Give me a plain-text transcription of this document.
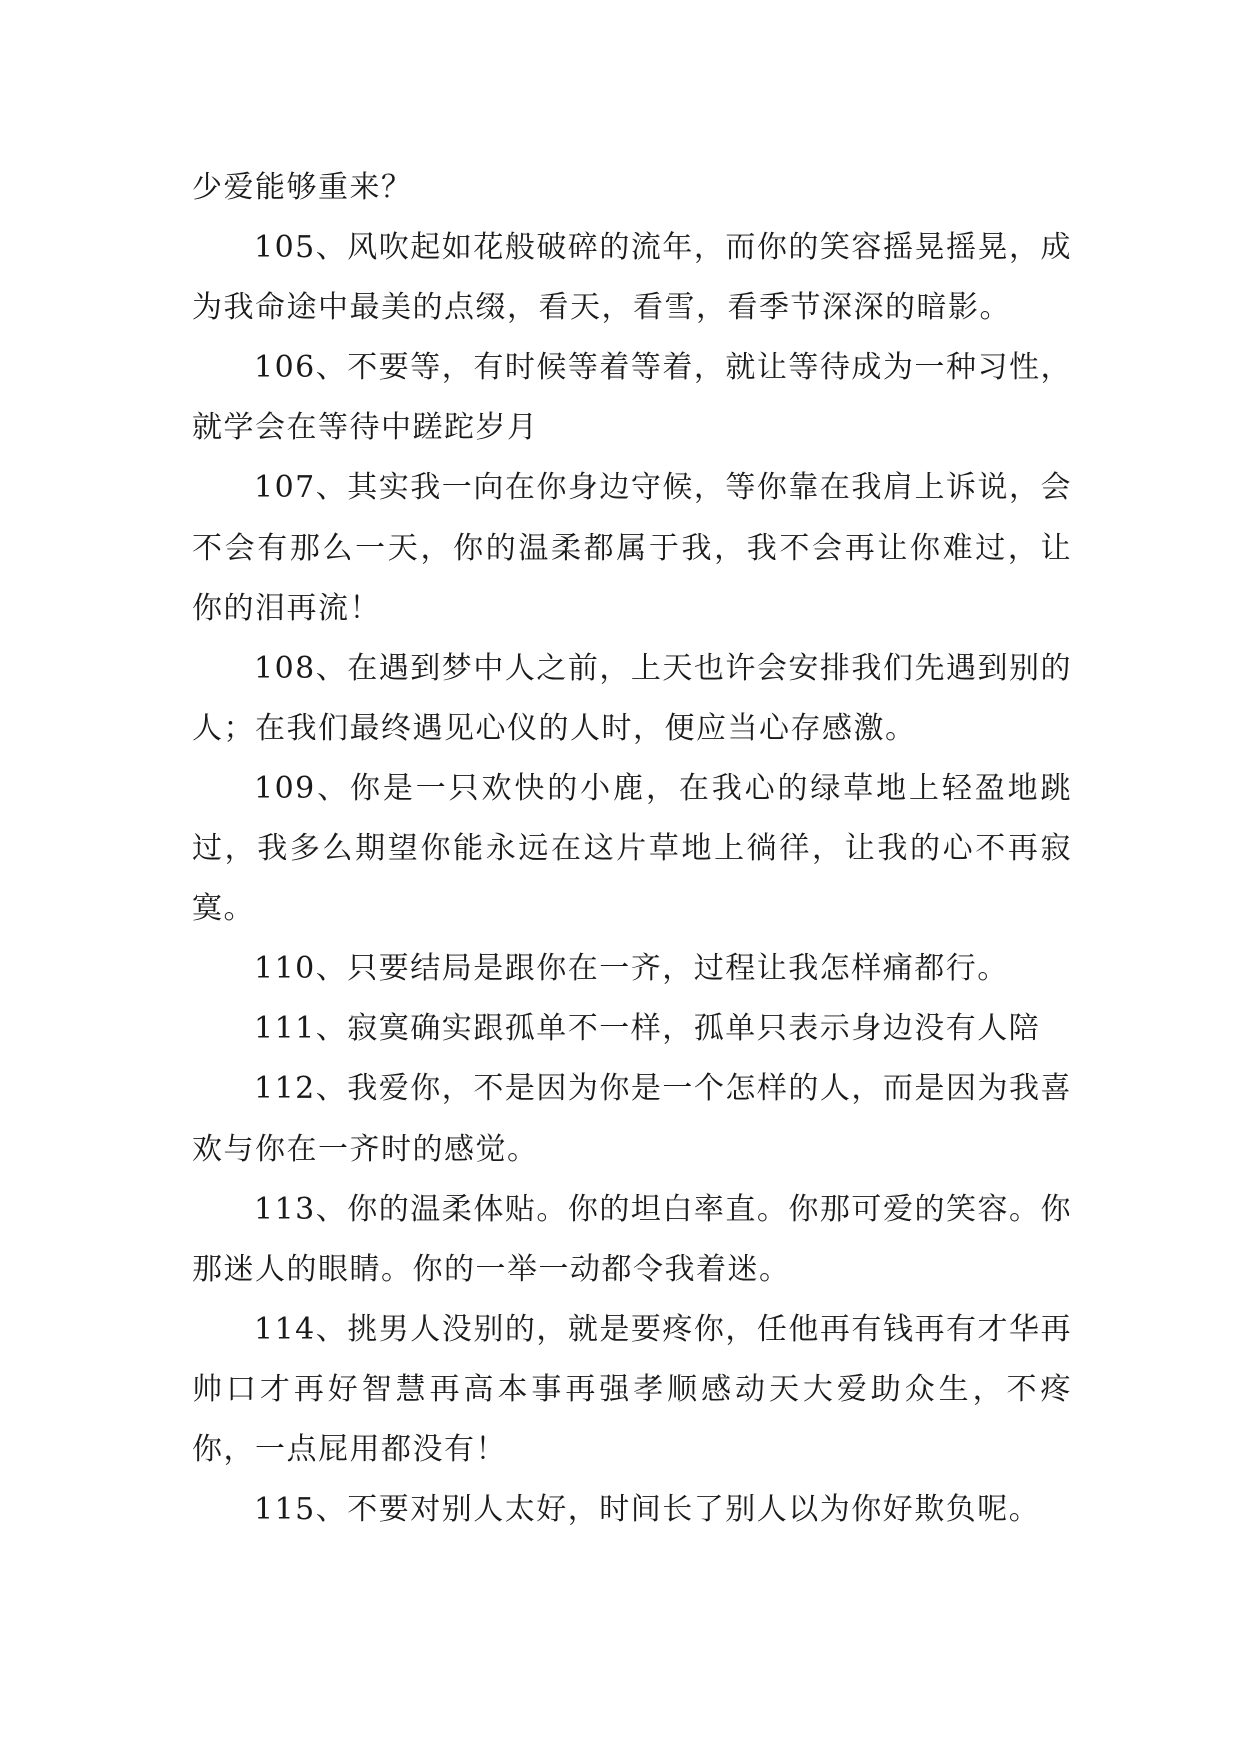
少爱能够重来？

105、风吹起如花般破碎的流年，而你的笑容摇晃摇晃，成为我命途中最美的点缀，看天，看雪，看季节深深的暗影。

106、不要等，有时候等着等着，就让等待成为一种习性，就学会在等待中蹉跎岁月

107、其实我一向在你身边守候，等你靠在我肩上诉说，会不会有那么一天，你的温柔都属于我，我不会再让你难过，让你的泪再流！

108、在遇到梦中人之前，上天也许会安排我们先遇到别的人；在我们最终遇见心仪的人时，便应当心存感激。

109、你是一只欢快的小鹿，在我心的绿草地上轻盈地跳过，我多么期望你能永远在这片草地上徜徉，让我的心不再寂寞。

110、只要结局是跟你在一齐，过程让我怎样痛都行。

111、寂寞确实跟孤单不一样，孤单只表示身边没有人陪

112、我爱你，不是因为你是一个怎样的人，而是因为我喜欢与你在一齐时的感觉。

113、你的温柔体贴。你的坦白率直。你那可爱的笑容。你那迷人的眼睛。你的一举一动都令我着迷。

114、挑男人没别的，就是要疼你，任他再有钱再有才华再帅口才再好智慧再高本事再强孝顺感动天大爱助众生，不疼你，一点屁用都没有！

115、不要对别人太好，时间长了别人以为你好欺负呢。
